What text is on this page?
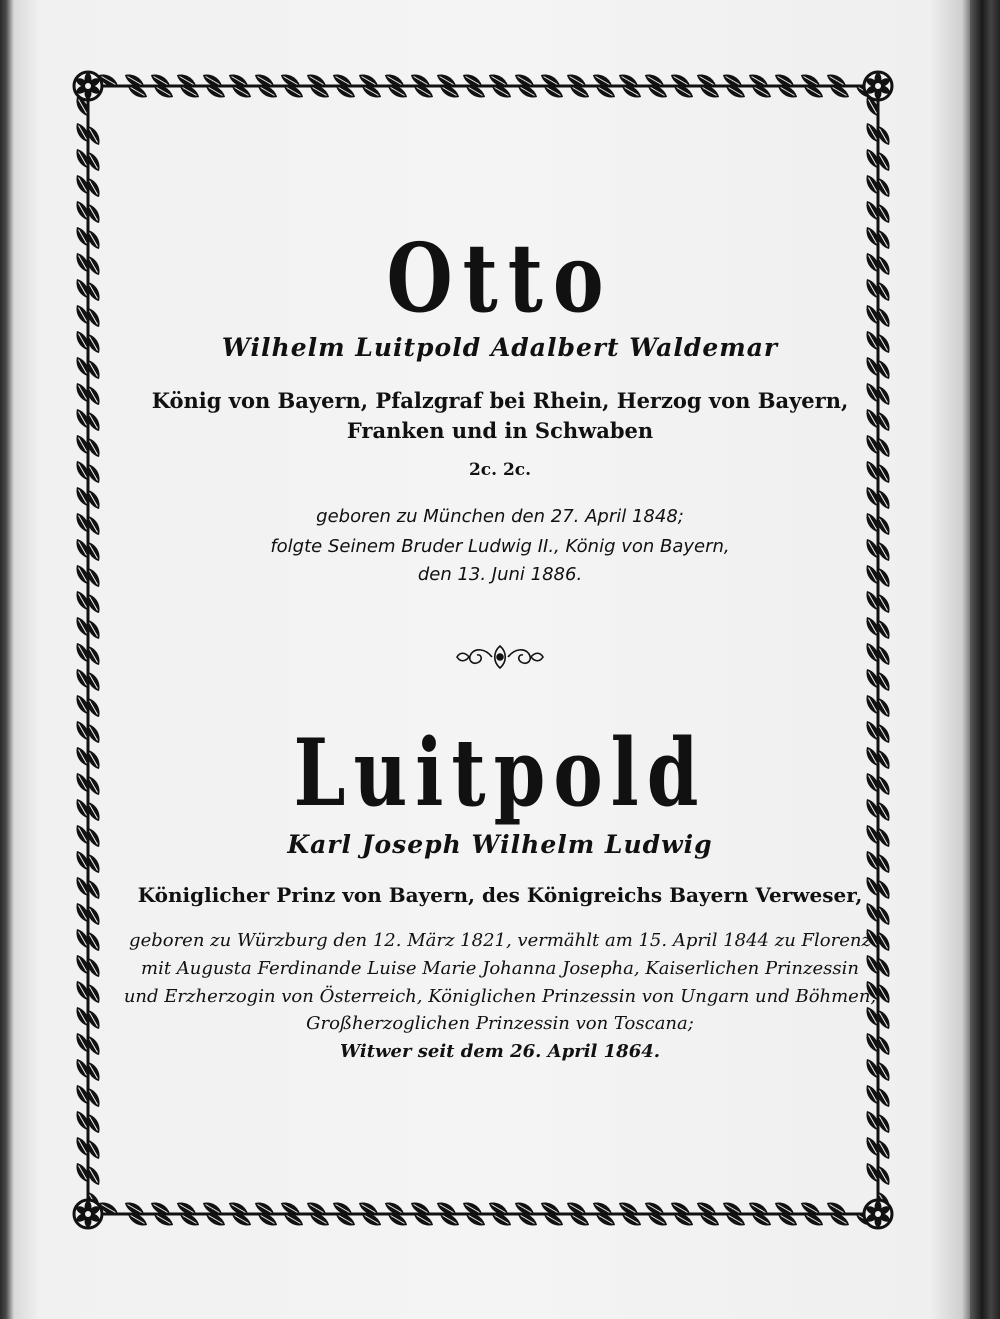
Otto
Wilhelm Luitpold Adalbert Waldemar
König von Bayern, Pfalzgraf bei Rhein, Herzog von Bayern,
Franken und in Schwaben
2c. 2c.
geboren zu München den 27. April 1848;
folgte Seinem Bruder Ludwig II., König von Bayern,
den 13. Juni 1886.
Luitpold
Karl Joseph Wilhelm Ludwig
Königlicher Prinz von Bayern, des Königreichs Bayern Verweser,
geboren zu Würzburg den 12. März 1821, vermählt am 15. April 1844 zu Florenz
mit Augusta Ferdinande Luise Marie Johanna Josepha, Kaiserlichen Prinzessin
und Erzherzogin von Österreich, Königlichen Prinzessin von Ungarn und Böhmen,
Großherzoglichen Prinzessin von Toscana;
Witwer seit dem 26. April 1864.
